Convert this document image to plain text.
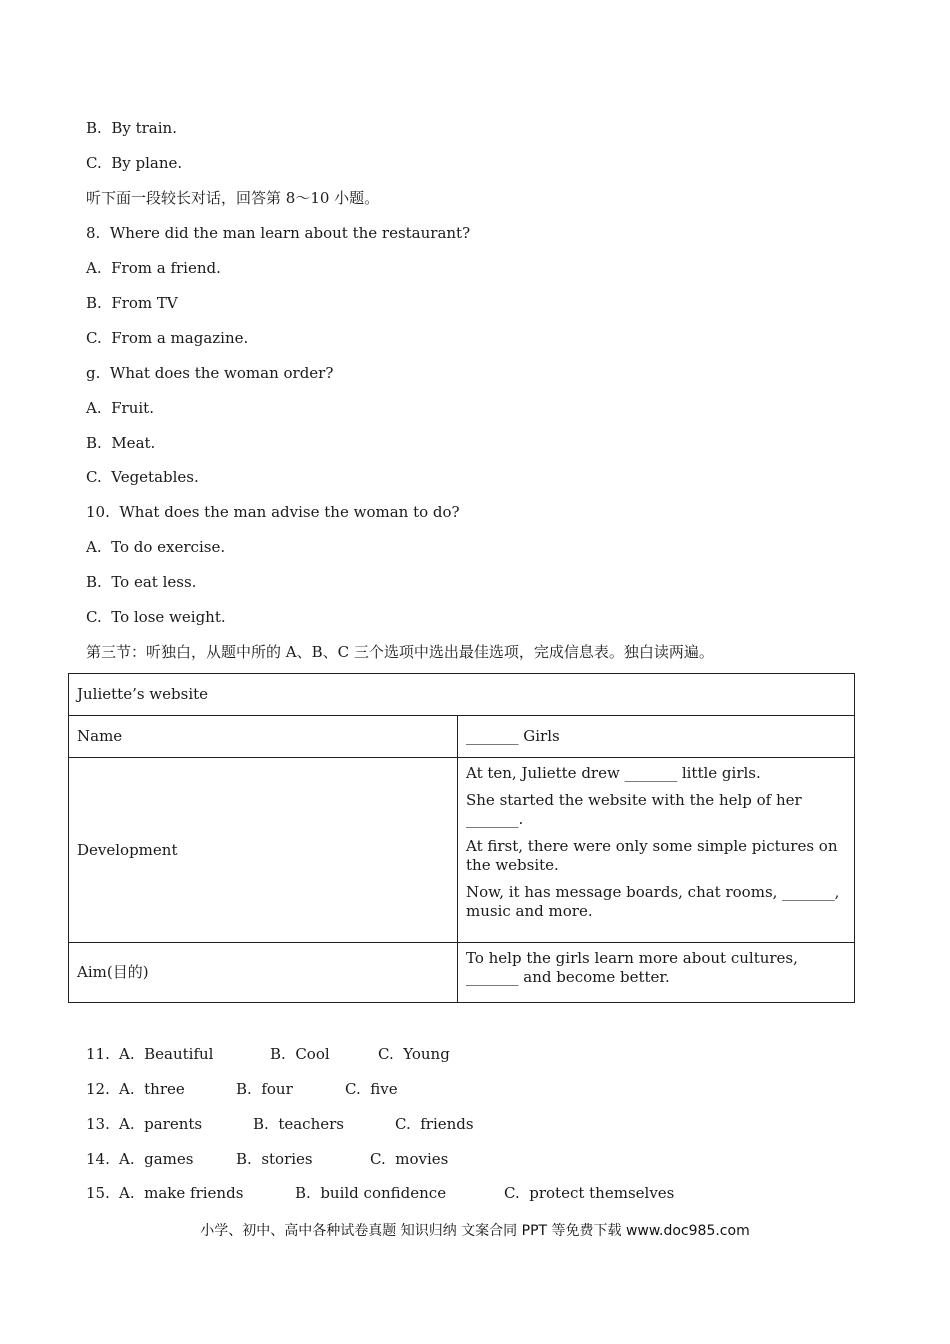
B.  By train.
C.  By plane.
听下面一段较长对话，回答第 8～10 小题。
8.  Where did the man learn about the restaurant?
A.  From a friend.
B.  From TV
C.  From a magazine.
g.  What does the woman order?
A.  Fruit.
B.  Meat.
C.  Vegetables.
10.  What does the man advise the woman to do?
A.  To do exercise.
B.  To eat less.
C.  To lose weight.
第三节：听独白，从题中所的 A、B、C 三个选项中选出最佳选项，完成信息表。独白读两遍。
Juliette’s website	
Name	_______ Girls
Development	At ten, Juliette drew _______ little girls.

She started the website with the help of her _______.

At first, there were only some simple pictures on the website.

Now, it has message boards, chat rooms, _______, music and more.

Aim(目的)	To help the girls learn more about cultures, _______ and become better.
11. A.  Beautiful	B.  Cool	C.  Young
12. A.  three	B.  four	C.  five
13. A.  parents	B.  teachers	C.  friends
14. A.  games	B.  stories	C.  movies
15. A.  make friends	B.  build confidence	C.  protect themselves
小学、初中、高中各种试卷真题 知识归纳 文案合同 PPT 等免费下载 www.doc985.com
